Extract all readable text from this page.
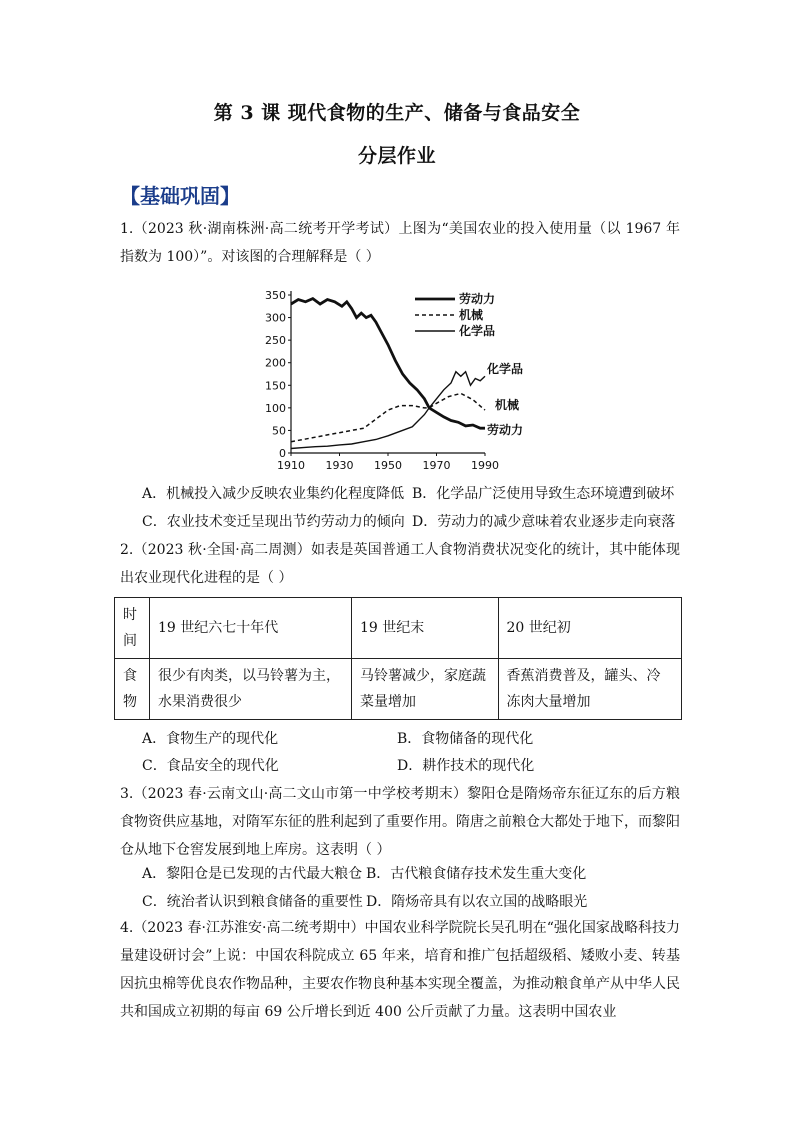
第 3 课 现代食物的生产、储备与食品安全
分层作业
【基础巩固】

1.（2023 秋·湖南株洲·高二统考开学考试）上图为“美国农业的投入使用量（以 1967 年指数为 100）”。对该图的合理解释是（ ）

0
50
100
150
200
250
300
350
1910 1930 1950 1970 1990
劳动力
机械
化学品
化学品
机械
劳动力
A．机械投入减少反映农业集约化程度降低 B．化学品广泛使用导致生态环境遭到破坏
C．农业技术变迁呈现出节约劳动力的倾向 D．劳动力的减少意味着农业逐步走向衰落

2.（2023 秋·全国·高二周测）如表是英国普通工人食物消费状况变化的统计，其中能体现出农业现代化进程的是（ ）

时间	19 世纪六七十年代	19 世纪末	20 世纪初
食物	很少有肉类，以马铃薯为主，水果消费很少	马铃薯减少，家庭蔬菜量增加	香蕉消费普及，罐头、冷冻肉大量增加
A．食物生产的现代化	B．食物储备的现代化
C．食品安全的现代化	D．耕作技术的现代化

3.（2023 春·云南文山·高二文山市第一中学校考期末）黎阳仓是隋炀帝东征辽东的后方粮食物资供应基地，对隋军东征的胜利起到了重要作用。隋唐之前粮仓大都处于地下，而黎阳仓从地下仓窖发展到地上库房。这表明（ ）

A．黎阳仓是已发现的古代最大粮仓 B．古代粮食储存技术发生重大变化
C．统治者认识到粮食储备的重要性 D．隋炀帝具有以农立国的战略眼光

4.（2023 春·江苏淮安·高二统考期中）中国农业科学院院长吴孔明在“强化国家战略科技力量建设研讨会”上说：中国农科院成立 65 年来，培育和推广包括超级稻、矮败小麦、转基因抗虫棉等优良农作物品种，主要农作物良种基本实现全覆盖，为推动粮食单产从中华人民共和国成立初期的每亩 69 公斤增长到近 400 公斤贡献了力量。这表明中国农业
